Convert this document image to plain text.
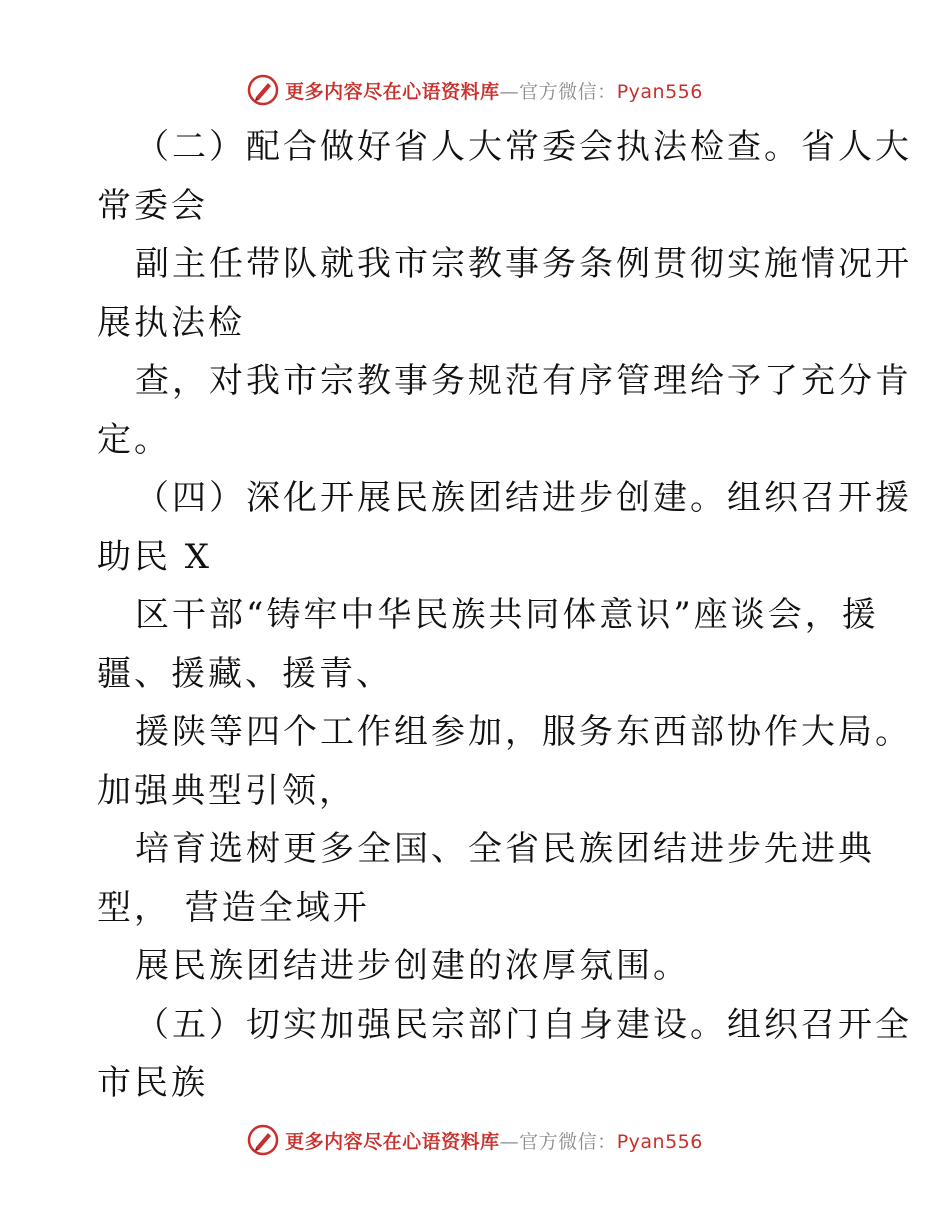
更多内容尽在心语资料库—官方微信：Pyan556
（二）配合做好省人大常委会执法检查。省人大
常委会
副主任带队就我市宗教事务条例贯彻实施情况开
展执法检
查，对我市宗教事务规范有序管理给予了充分肯
定。
（四）深化开展民族团结进步创建。组织召开援
助民 X
区干部“铸牢中华民族共同体意识”座谈会，援
疆、援藏、援青、
援陕等四个工作组参加，服务东西部协作大局。
加强典型引领，
培育选树更多全国、全省民族团结进步先进典
型， 营造全域开
展民族团结进步创建的浓厚氛围。
（五）切实加强民宗部门自身建设。组织召开全
市民族
更多内容尽在心语资料库—官方微信：Pyan556
